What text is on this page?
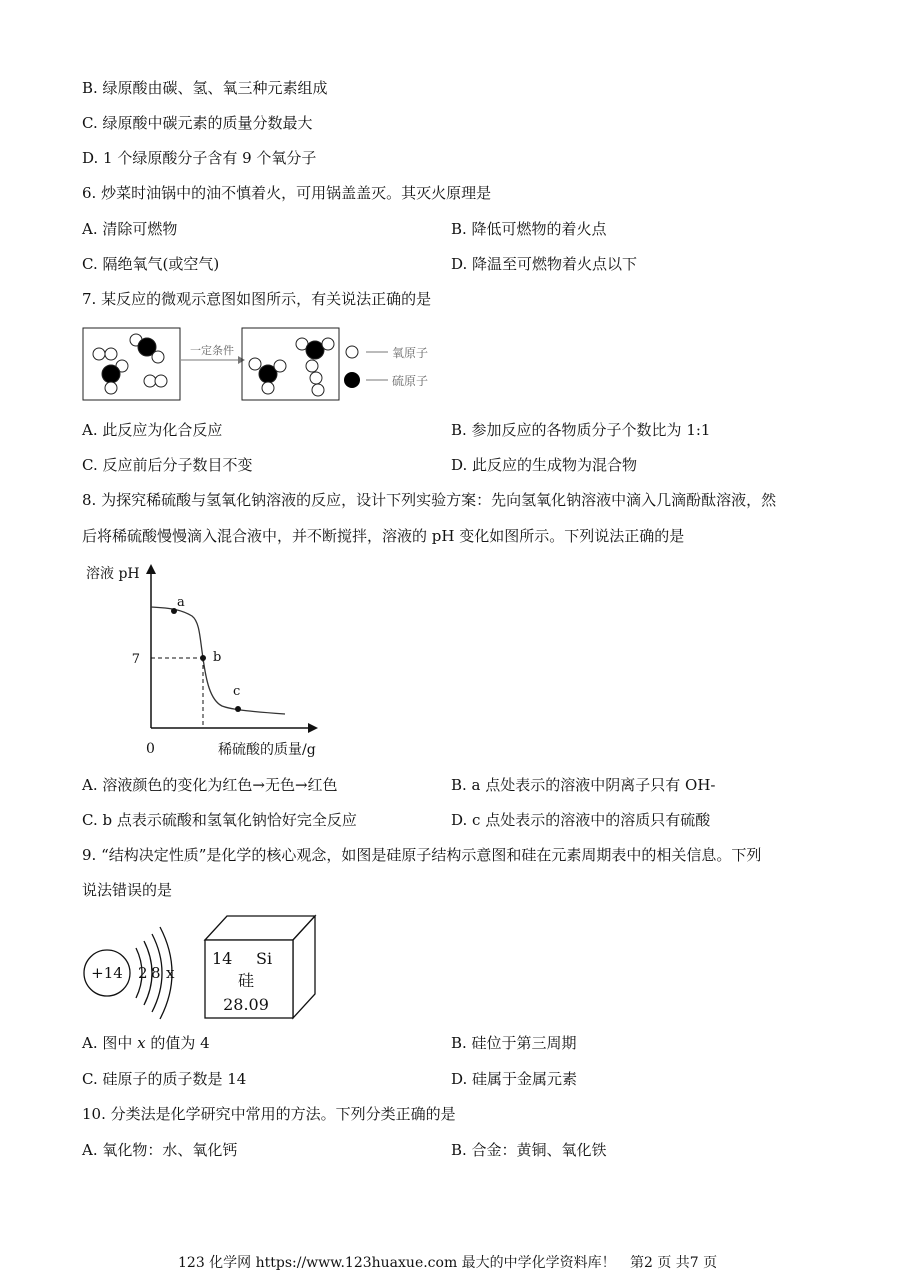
B. 绿原酸由碳、氢、氧三种元素组成
C. 绿原酸中碳元素的质量分数最大
D. 1 个绿原酸分子含有 9 个氧分子
6. 炒菜时油锅中的油不慎着火，可用锅盖盖灭。其灭火原理是
A. 清除可燃物	B. 降低可燃物的着火点
C. 隔绝氧气(或空气)	D. 降温至可燃物着火点以下
7. 某反应的微观示意图如图所示，有关说法正确的是
一定条件	氧原子
硫原子
A. 此反应为化合反应	B. 参加反应的各物质分子个数比为 1:1
C. 反应前后分子数目不变	D. 此反应的生成物为混合物
8. 为探究稀硫酸与氢氧化钠溶液的反应，设计下列实验方案：先向氢氧化钠溶液中滴入几滴酚酞溶液，然
后将稀硫酸慢慢滴入混合液中，并不断搅拌，溶液的 pH 变化如图所示。下列说法正确的是
溶液 pH
0	稀硫酸的质量/g
7
a
b
c
A. 溶液颜色的变化为红色→无色→红色	B. a 点处表示的溶液中阴离子只有 OH-
C. b 点表示硫酸和氢氧化钠恰好完全反应	D. c 点处表示的溶液中的溶质只有硫酸
9. “结构决定性质”是化学的核心观念，如图是硅原子结构示意图和硅在元素周期表中的相关信息。下列
说法错误的是
+14 2 8 x
14 Si
硅
28.09
A. 图中 x 的值为 4	B. 硅位于第三周期
C. 硅原子的质子数是 14	D. 硅属于金属元素
10. 分类法是化学研究中常用的方法。下列分类正确的是
A. 氧化物：水、氧化钙	B. 合金：黄铜、氧化铁
123 化学网 https://www.123huaxue.com 最大的中学化学资料库！ 第2 页 共7 页
